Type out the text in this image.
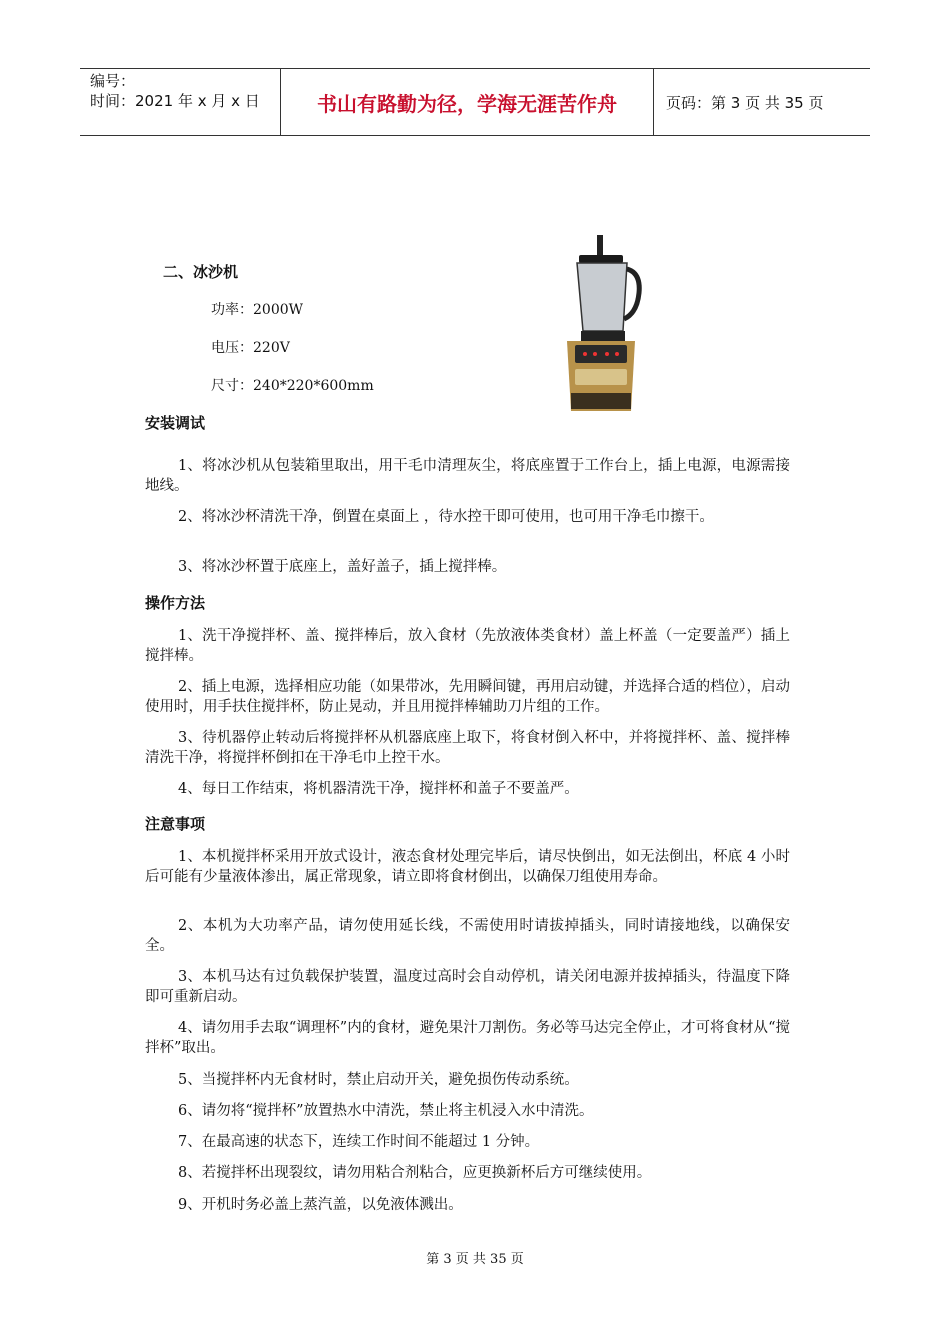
编号：
时间：2021 年 x 月 x 日	书山有路勤为径，学海无涯苦作舟	页码：第 3 页 共 35 页
二、冰沙机
功率：2000W
电压：220V
尺寸：240*220*600mm
安装调试
1、将冰沙机从包装箱里取出，用干毛巾清理灰尘，将底座置于工作台上，插上电源，电源需接地线。
2、将冰沙杯清洗干净，倒置在桌面上 ，待水控干即可使用，也可用干净毛巾擦干。
3、将冰沙杯置于底座上，盖好盖子，插上搅拌棒。
操作方法
1、洗干净搅拌杯、盖、搅拌棒后，放入食材（先放液体类食材）盖上杯盖（一定要盖严）插上搅拌棒。
2、插上电源，选择相应功能（如果带冰，先用瞬间键，再用启动键，并选择合适的档位），启动使用时，用手扶住搅拌杯，防止晃动，并且用搅拌棒辅助刀片组的工作。
3、待机器停止转动后将搅拌杯从机器底座上取下，将食材倒入杯中，并将搅拌杯、盖、搅拌棒清洗干净，将搅拌杯倒扣在干净毛巾上控干水。
4、每日工作结束，将机器清洗干净，搅拌杯和盖子不要盖严。
注意事项
1、本机搅拌杯采用开放式设计，液态食材处理完毕后，请尽快倒出，如无法倒出，杯底 4 小时后可能有少量液体渗出，属正常现象，请立即将食材倒出，以确保刀组使用寿命。
2、本机为大功率产品，请勿使用延长线，不需使用时请拔掉插头，同时请接地线，以确保安全。
3、本机马达有过负载保护装置，温度过高时会自动停机，请关闭电源并拔掉插头，待温度下降即可重新启动。
4、请勿用手去取“调理杯”内的食材，避免果汁刀割伤。务必等马达完全停止，才可将食材从“搅拌杯”取出。
5、当搅拌杯内无食材时，禁止启动开关，避免损伤传动系统。
6、请勿将“搅拌杯”放置热水中清洗，禁止将主机浸入水中清洗。
7、在最高速的状态下，连续工作时间不能超过 1 分钟。
8、若搅拌杯出现裂纹，请勿用粘合剂粘合，应更换新杯后方可继续使用。
9、开机时务必盖上蒸汽盖，以免液体溅出。
第 3 页 共 35 页
